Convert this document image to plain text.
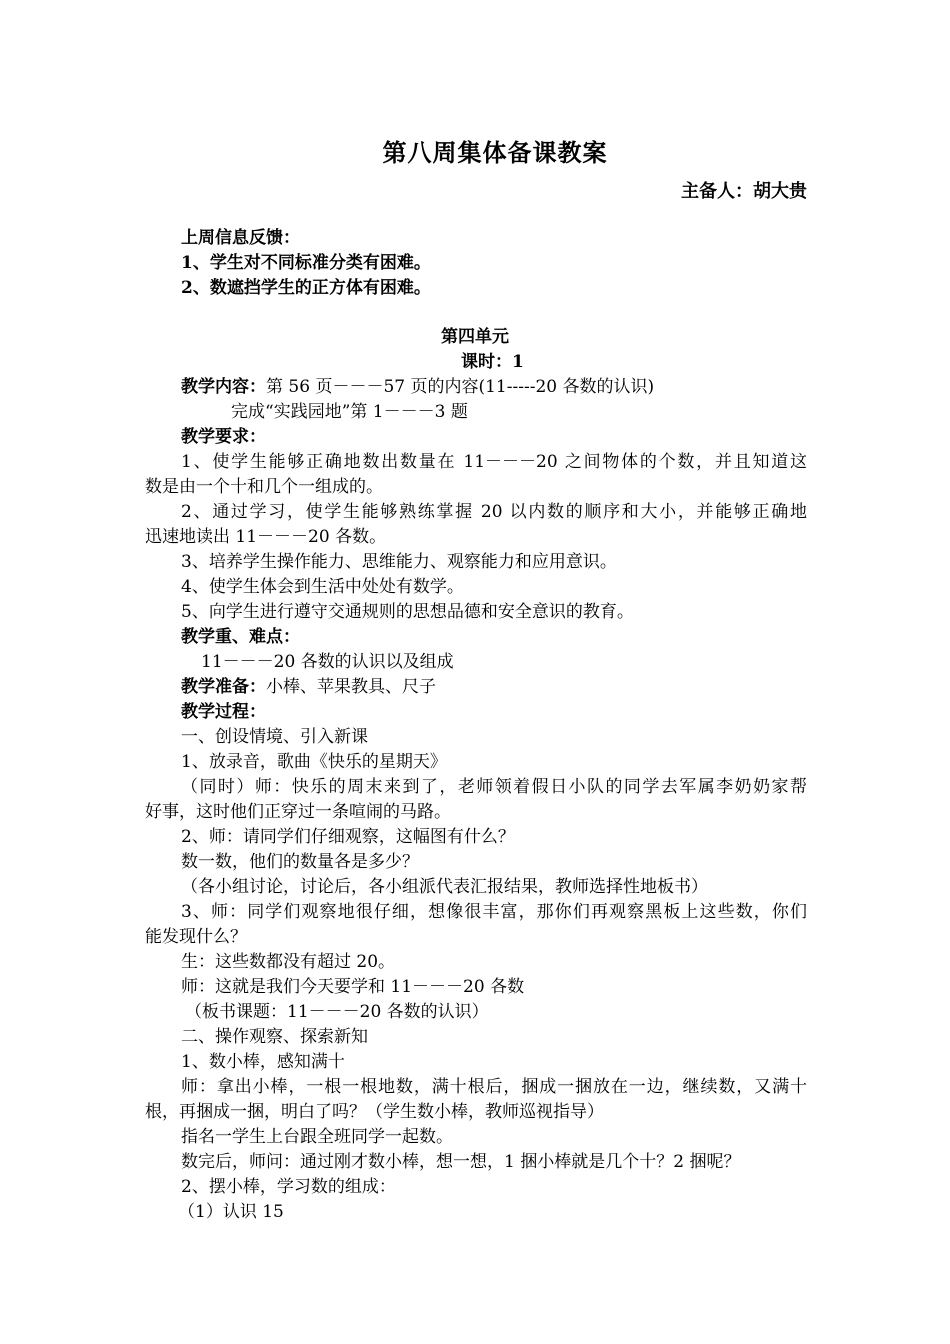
第八周集体备课教案
主备人：胡大贵
上周信息反馈：
1、学生对不同标准分类有困难。
2、数遮挡学生的正方体有困难。
第四单元
课时：1
教学内容：第 56 页－－－57 页的内容(11-----20 各数的认识)
完成“实践园地”第 1－－－3 题
教学要求：
1、使学生能够正确地数出数量在 11－－－20 之间物体的个数，并且知道这
数是由一个十和几个一组成的。
2、通过学习，使学生能够熟练掌握 20 以内数的顺序和大小，并能够正确地
迅速地读出 11－－－20 各数。
3、培养学生操作能力、思维能力、观察能力和应用意识。
4、使学生体会到生活中处处有数学。
5、向学生进行遵守交通规则的思想品德和安全意识的教育。
教学重、难点：
11－－－20 各数的认识以及组成
教学准备：小棒、苹果教具、尺子
教学过程：
一、创设情境、引入新课
1、放录音，歌曲《快乐的星期天》
（同时）师：快乐的周末来到了，老师领着假日小队的同学去军属李奶奶家帮
好事，这时他们正穿过一条喧闹的马路。
2、师：请同学们仔细观察，这幅图有什么？
数一数，他们的数量各是多少？
（各小组讨论，讨论后，各小组派代表汇报结果，教师选择性地板书）
3、师：同学们观察地很仔细，想像很丰富，那你们再观察黑板上这些数，你们
能发现什么？
生：这些数都没有超过 20。
师：这就是我们今天要学和 11－－－20 各数
（板书课题：11－－－20 各数的认识）
二、操作观察、探索新知
1、数小棒，感知满十
师：拿出小棒，一根一根地数，满十根后，捆成一捆放在一边，继续数，又满十
根，再捆成一捆，明白了吗？（学生数小棒，教师巡视指导）
指名一学生上台跟全班同学一起数。
数完后，师问：通过刚才数小棒，想一想，1 捆小棒就是几个十？2 捆呢？
2、摆小棒，学习数的组成：
（1）认识 15
